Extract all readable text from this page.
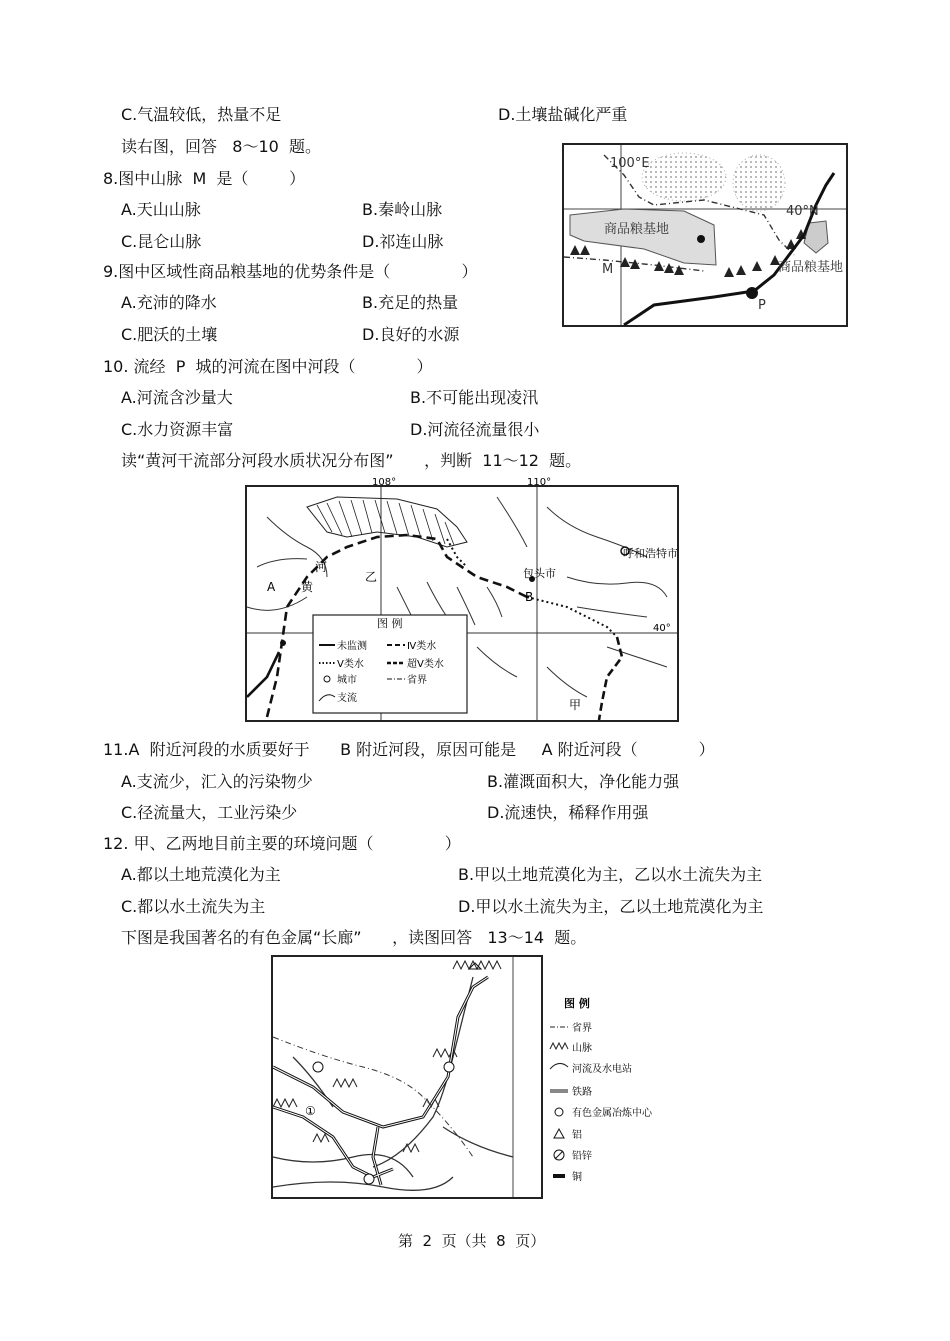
C.气温较低，热量不足	D.土壤盐碱化严重
读右图，回答   8～10  题。
8.图中山脉  M  是（        ）
A.天山山脉	B.秦岭山脉
C.昆仑山脉	D.祁连山脉
9.图中区域性商品粮基地的优势条件是（              ）
A.充沛的降水	B.充足的热量
C.肥沃的土壤	D.良好的水源
10. 流经  P  城的河流在图中河段（            ）
A.河流含沙量大	B.不可能出现凌汛
C.水力资源丰富	D.河流径流量很小
100°E
40°N
商品粮基地
商品粮基地
M
P
读“黄河干流部分河段水质状况分布图”      ，判断  11～12  题。
图 例
未监测	Ⅳ类水
Ⅴ类水	超Ⅴ类水
城市	省界
支流
108°	110°
40°
呼和浩特市
包头市
A
B
河
黄
乙
甲
11.A  附近河段的水质要好于      B 附近河段，原因可能是     A 附近河段（            ）
A.支流少，汇入的污染物少	B.灌溉面积大，净化能力强
C.径流量大，工业污染少	D.流速快，稀释作用强
12. 甲、乙两地目前主要的环境问题（              ）
A.都以土地荒漠化为主	B.甲以土地荒漠化为主，乙以水土流失为主
C.都以水土流失为主	D.甲以水土流失为主，乙以土地荒漠化为主
下图是我国著名的有色金属“长廊”      ，读图回答   13～14  题。
①
图 例
省界
山脉
河流及水电站
铁路
有色金属冶炼中心
铝
铅锌
铜
第  2  页（共  8  页）
